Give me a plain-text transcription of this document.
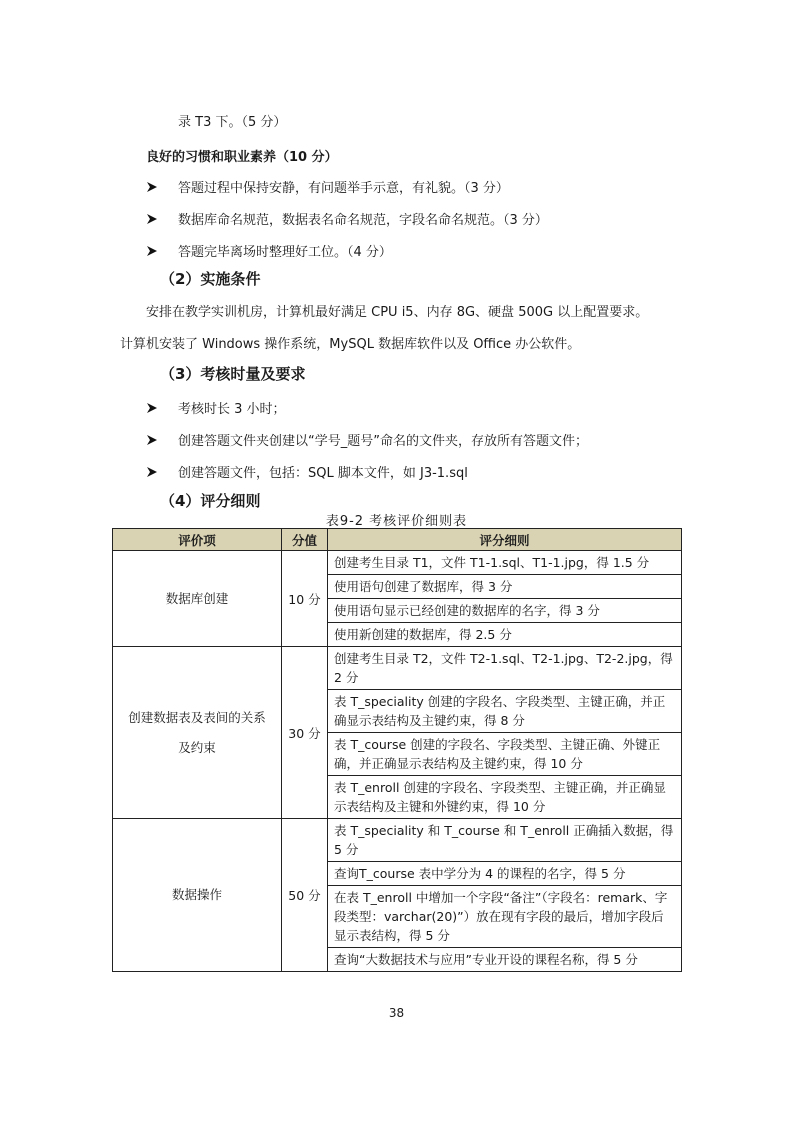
录 T3 下。（5 分）
良好的习惯和职业素养（10 分）
答题过程中保持安静，有问题举手示意，有礼貌。（3 分）
数据库命名规范，数据表名命名规范，字段名命名规范。（3 分）
答题完毕离场时整理好工位。（4 分）
（2）实施条件
安排在教学实训机房，计算机最好满足 CPU i5、内存 8G、硬盘 500G 以上配置要求。
计算机安装了 Windows 操作系统，MySQL 数据库软件以及 Office 办公软件。
（3）考核时量及要求
考核时长 3 小时；
创建答题文件夹创建以“学号_题号”命名的文件夹，存放所有答题文件；
创建答题文件，包括：SQL 脚本文件，如 J3-1.sql
（4）评分细则
表9-2 考核评价细则表
评价项	分值	评分细则
数据库创建	10 分	创建考生目录 T1，文件 T1-1.sql、T1-1.jpg，得 1.5 分
		使用语句创建了数据库，得 3 分
		使用语句显示已经创建的数据库的名字，得 3 分
		使用新创建的数据库，得 2.5 分
创建数据表及表间的关系及约束	30 分	创建考生目录 T2，文件 T2-1.sql、T2-1.jpg、T2-2.jpg，得 2 分
		表 T_speciality 创建的字段名、字段类型、主键正确，并正确显示表结构及主键约束，得 8 分
		表 T_course 创建的字段名、字段类型、主键正确、外键正确，并正确显示表结构及主键约束，得 10 分
		表 T_enroll 创建的字段名、字段类型、主键正确，并正确显示表结构及主键和外键约束，得 10 分
数据操作	50 分	表 T_speciality 和 T_course 和 T_enroll 正确插入数据，得 5 分
		查询T_course 表中学分为 4 的课程的名字，得 5 分
		在表 T_enroll 中增加一个字段“备注”（字段名：remark、字段类型：varchar(20)”）放在现有字段的最后，增加字段后显示表结构，得 5 分
		查询“大数据技术与应用”专业开设的课程名称，得 5 分
38
